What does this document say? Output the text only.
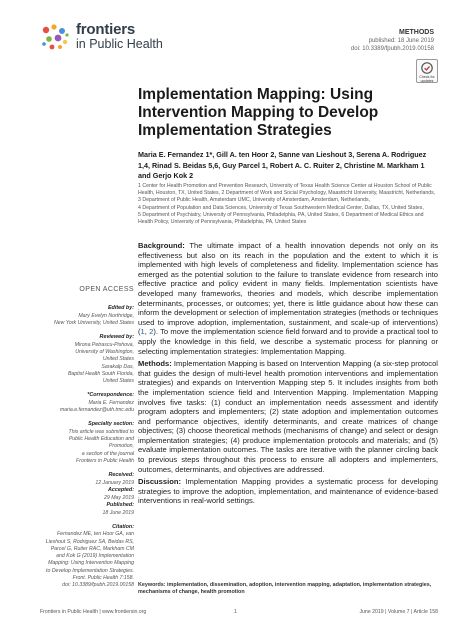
frontiers
in Public Health
METHODS
published: 18 June 2019
doi: 10.3389/fpubh.2019.00158
Check for updates
Implementation Mapping: Using Intervention Mapping to Develop Implementation Strategies
Maria E. Fernandez 1*, Gill A. ten Hoor 2, Sanne van Lieshout 3, Serena A. Rodriguez 1,4, Rinad S. Beidas 5,6, Guy Parcel 1, Robert A. C. Ruiter 2, Christine M. Markham 1 and Gerjo Kok 2

1 Center for Health Promotion and Prevention Research, University of Texas Health Science Center at Houston School of Public Health, Houston, TX, United States, 2 Department of Work and Social Psychology, Maastricht University, Maastricht, Netherlands, 3 Department of Public Health, Amsterdam UMC, University of Amsterdam, Amsterdam, Netherlands,

4 Department of Population and Data Sciences, University of Texas Southwestern Medical Center, Dallas, TX, United States,

5 Department of Psychiatry, University of Pennsylvania, Philadelphia, PA, United States, 6 Department of Medical Ethics and Health Policy, University of Pennsylvania, Philadelphia, PA, United States

OPEN ACCESS
Edited by:
Mary Evelyn Northridge,
New York University, United States
Reviewed by:
Mirona Petrascu-Pishova,
University of Washington,
United States
Sarakalp Das,
Baptist Health South Florida,
United States
*Correspondence:
Maria E. Fernandez
maria.e.fernandez@uth.tmc.edu
Specialty section:
This article was submitted to
Public Health Education and
Promotion,
a section of the journal
Frontiers in Public Health
Received:
12 January 2019
Accepted:
29 May 2019
Published:
18 June 2019
Citation:
Fernandez ME, ten Hoor GA, van
Lieshout S, Rodriguez SA, Beidas RS,
Parcel G, Ruiter RAC, Markham CM
and Kok G (2019) Implementation
Mapping: Using Intervention Mapping
to Develop Implementation Strategies.
Front. Public Health 7:158.
doi: 10.3389/fpubh.2019.00158

Background: The ultimate impact of a health innovation depends not only on its effectiveness but also on its reach in the population and the extent to which it is implemented with high levels of completeness and fidelity. Implementation science has emerged as the potential solution to the failure to translate evidence from research into effective practice and policy evident in many fields. Implementation scientists have developed many frameworks, theories and models, which describe implementation determinants, processes, or outcomes; yet, there is little guidance about how these can inform the development or selection of implementation strategies (methods or techniques used to improve adoption, implementation, sustainment, and scale-up of interventions) (1, 2). To move the implementation science field forward and to provide a practical tool to apply the knowledge in this field, we describe a systematic process for planning or selecting implementation strategies: Implementation Mapping.

Methods: Implementation Mapping is based on Intervention Mapping (a six-step protocol that guides the design of multi-level health promotion interventions and implementation strategies) and expands on Intervention Mapping step 5. It includes insights from both the implementation science field and Intervention Mapping. Implementation Mapping involves five tasks: (1) conduct an implementation needs assessment and identify program adopters and implementers; (2) state adoption and implementation outcomes and performance objectives, identify determinants, and create matrices of change objectives; (3) choose theoretical methods (mechanisms of change) and select or design implementation strategies; (4) produce implementation protocols and materials; and (5) evaluate implementation outcomes. The tasks are iterative with the planner circling back to previous steps throughout this process to ensure all adopters and implementers, outcomes, determinants, and objectives are addressed.

Discussion: Implementation Mapping provides a systematic process for developing strategies to improve the adoption, implementation, and maintenance of evidence-based interventions in real-world settings.

Keywords: implementation, dissemination, adoption, intervention mapping, adaptation, implementation strategies, mechanisms of change, health promotion
Frontiers in Public Health | www.frontiersin.org	1	June 2019 | Volume 7 | Article 158
